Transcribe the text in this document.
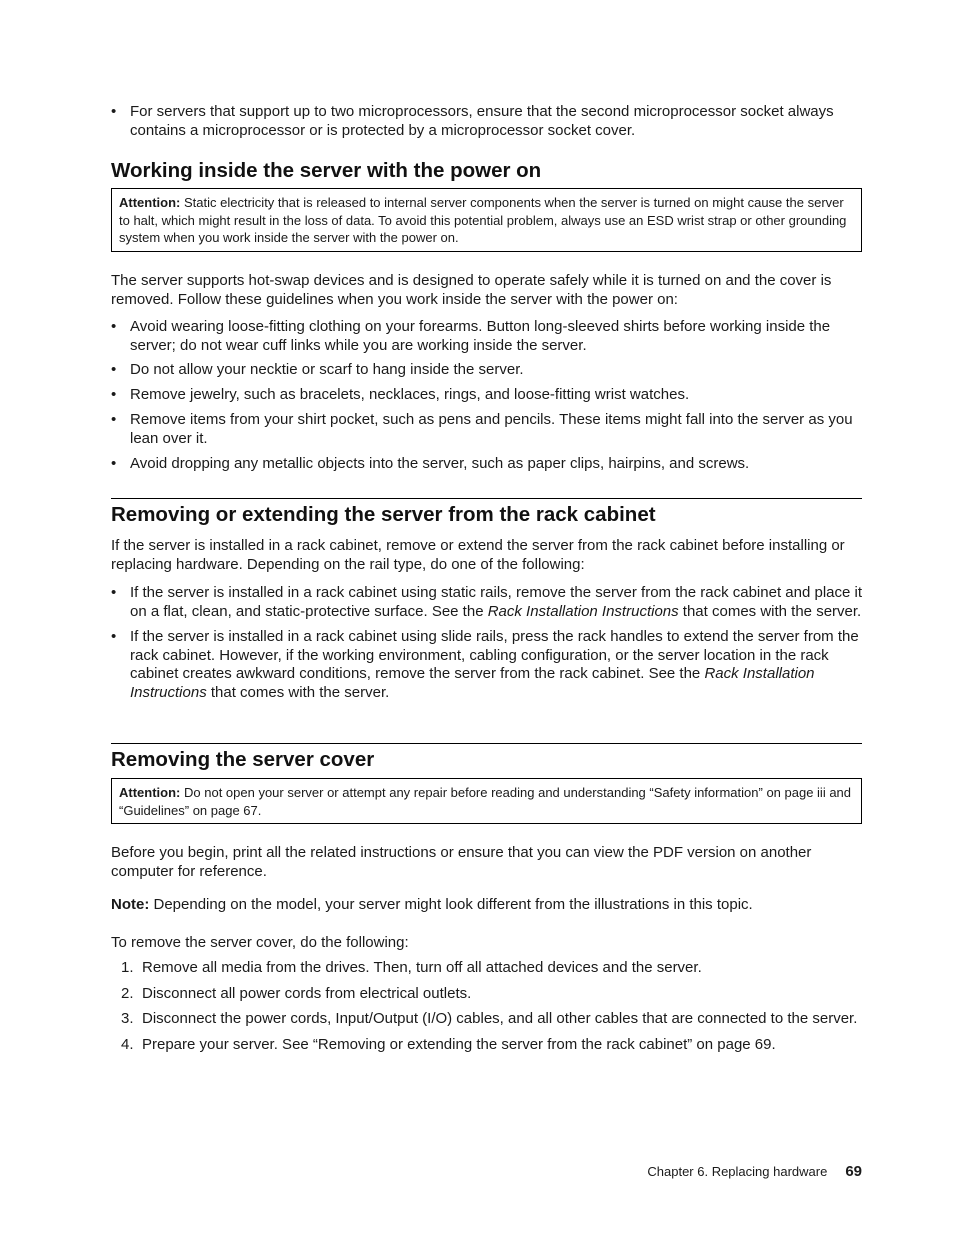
• For servers that support up to two microprocessors, ensure that the second microprocessor socket always contains a microprocessor or is protected by a microprocessor socket cover.
Working inside the server with the power on
Attention: Static electricity that is released to internal server components when the server is turned on might cause the server to halt, which might result in the loss of data. To avoid this potential problem, always use an ESD wrist strap or other grounding system when you work inside the server with the power on.

The server supports hot-swap devices and is designed to operate safely while it is turned on and the cover is removed. Follow these guidelines when you work inside the server with the power on:

• Avoid wearing loose-fitting clothing on your forearms. Button long-sleeved shirts before working inside the server; do not wear cuff links while you are working inside the server.
• Do not allow your necktie or scarf to hang inside the server.
• Remove jewelry, such as bracelets, necklaces, rings, and loose-fitting wrist watches.
• Remove items from your shirt pocket, such as pens and pencils. These items might fall into the server as you lean over it.
• Avoid dropping any metallic objects into the server, such as paper clips, hairpins, and screws.
Removing or extending the server from the rack cabinet

If the server is installed in a rack cabinet, remove or extend the server from the rack cabinet before installing or replacing hardware. Depending on the rail type, do one of the following:

• If the server is installed in a rack cabinet using static rails, remove the server from the rack cabinet and place it on a flat, clean, and static-protective surface. See the Rack Installation Instructions that comes with the server.
• If the server is installed in a rack cabinet using slide rails, press the rack handles to extend the server from the rack cabinet. However, if the working environment, cabling configuration, or the server location in the rack cabinet creates awkward conditions, remove the server from the rack cabinet. See the Rack Installation Instructions that comes with the server.
Removing the server cover
Attention: Do not open your server or attempt any repair before reading and understanding “Safety information” on page iii and “Guidelines” on page 67.

Before you begin, print all the related instructions or ensure that you can view the PDF version on another computer for reference.

Note: Depending on the model, your server might look different from the illustrations in this topic.

To remove the server cover, do the following:

1. Remove all media from the drives. Then, turn off all attached devices and the server.
2. Disconnect all power cords from electrical outlets.
3. Disconnect the power cords, Input/Output (I/O) cables, and all other cables that are connected to the server.
4. Prepare your server. See “Removing or extending the server from the rack cabinet” on page 69.
Chapter 6. Replacing hardware 69
